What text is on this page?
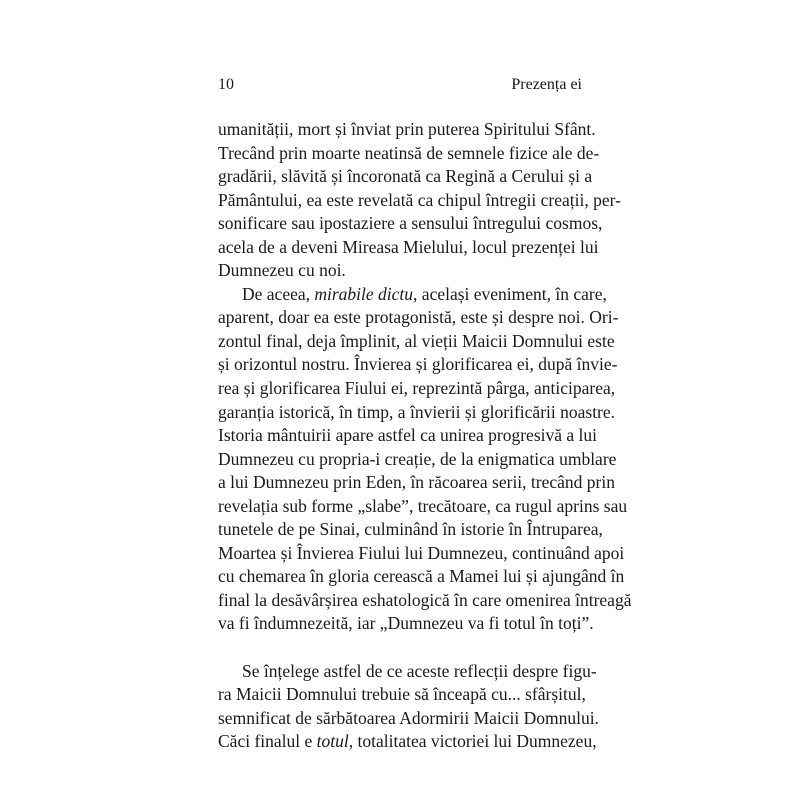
10	Prezența ei

umanității, mort și înviat prin puterea Spiritului Sfânt.
Trecând prin moarte neatinsă de semnele fizice ale de-
gradării, slăvită și încoronată ca Regină a Cerului și a
Pământului, ea este revelată ca chipul întregii creații, per-
sonificare sau ipostaziere a sensului întregului cosmos,
acela de a deveni Mireasa Mielului, locul prezenței lui
Dumnezeu cu noi.

De aceea, mirabile dictu, același eveniment, în care,
aparent, doar ea este protagonistă, este și despre noi. Ori-
zontul final, deja împlinit, al vieții Maicii Domnului este
și orizontul nostru. Învierea și glorificarea ei, după învie-
rea și glorificarea Fiului ei, reprezintă pârga, anticiparea,
garanția istorică, în timp, a învierii și glorificării noastre.
Istoria mântuirii apare astfel ca unirea progresivă a lui
Dumnezeu cu propria-i creație, de la enigmatica umblare
a lui Dumnezeu prin Eden, în răcoarea serii, trecând prin
revelația sub forme „slabe”, trecătoare, ca rugul aprins sau
tunetele de pe Sinai, culminând în istorie în Întruparea,
Moartea și Învierea Fiului lui Dumnezeu, continuând apoi
cu chemarea în gloria cerească a Mamei lui și ajungând în
final la desăvârșirea eshatologică în care omenirea întreagă
va fi îndumnezeită, iar „Dumnezeu va fi totul în toți”.

Se înțelege astfel de ce aceste reflecții despre figu-
ra Maicii Domnului trebuie să înceapă cu... sfârșitul,
semnificat de sărbătoarea Adormirii Maicii Domnului.
Căci finalul e totul, totalitatea victoriei lui Dumnezeu,
